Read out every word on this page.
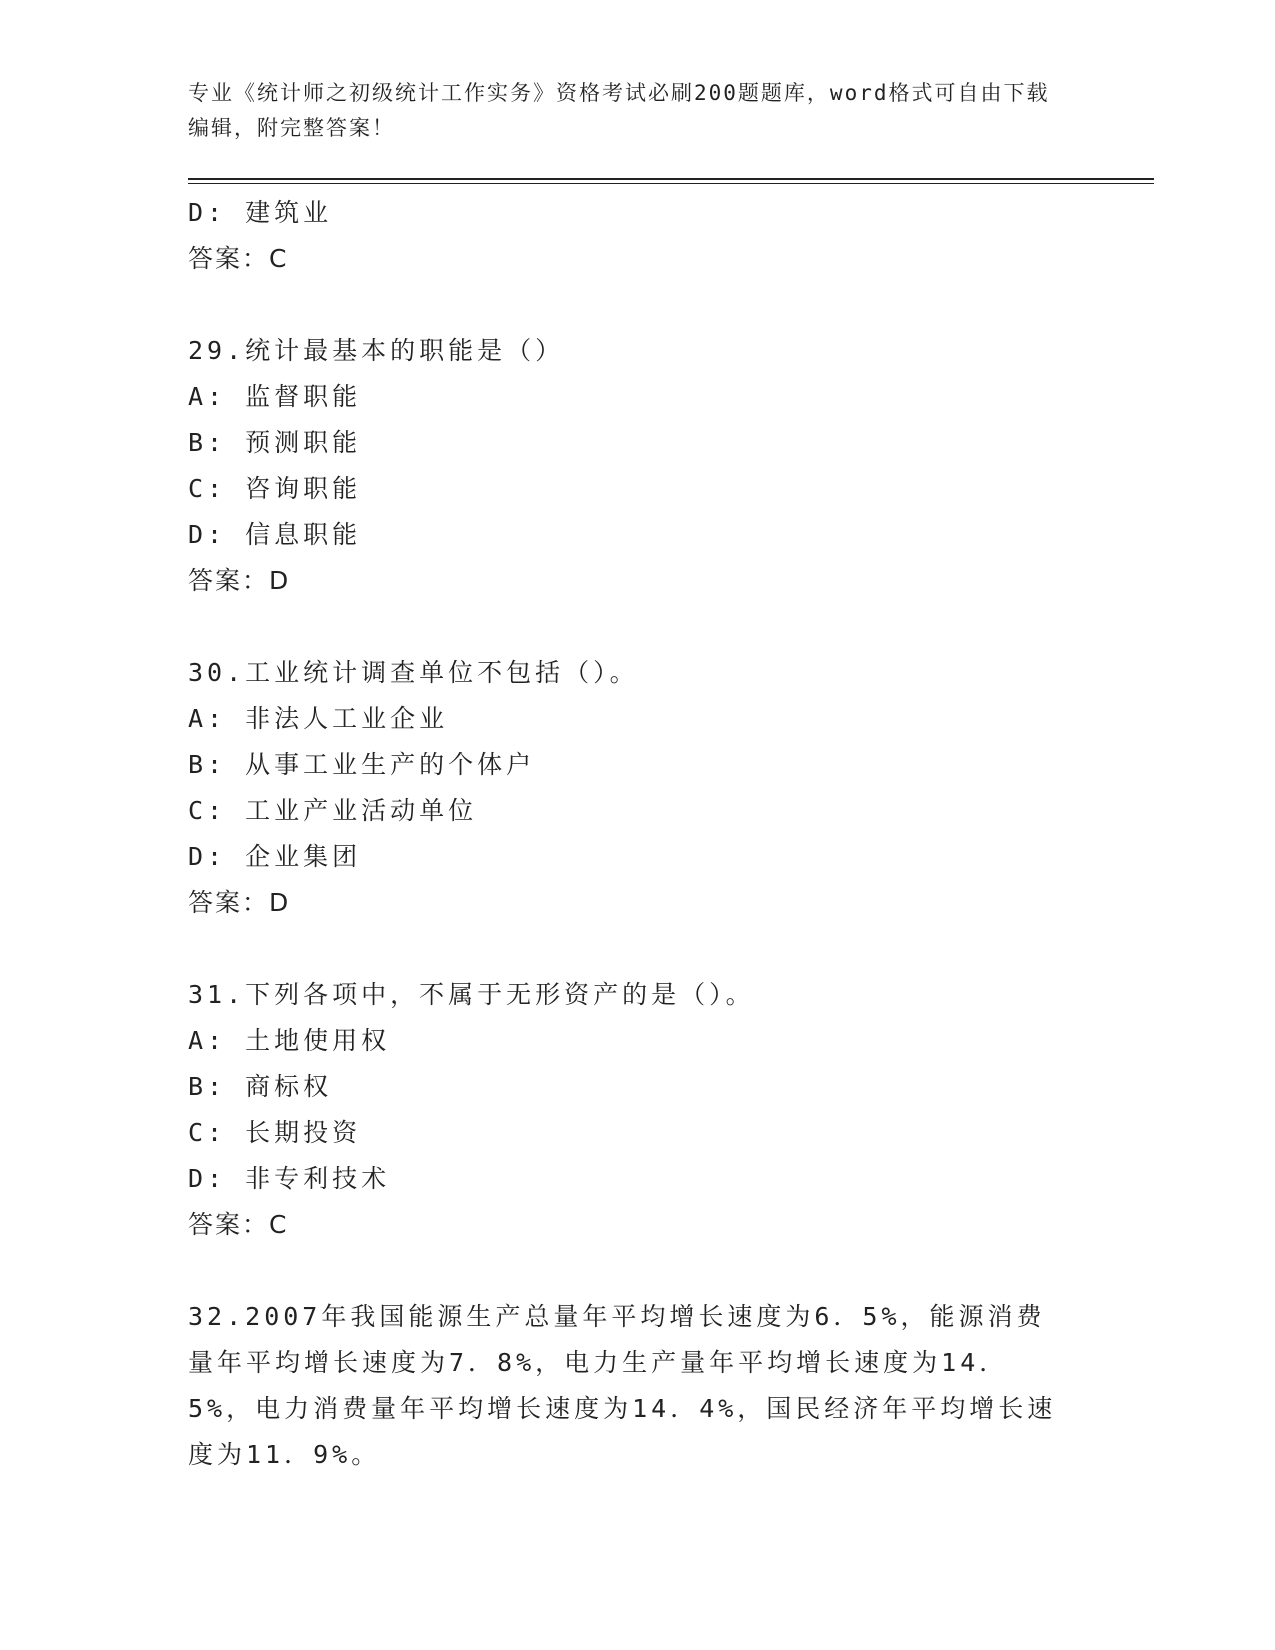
专业《统计师之初级统计工作实务》资格考试必刷200题题库，word格式可自由下载编辑，附完整答案！
D: 建筑业
答案：C
29.统计最基本的职能是（）
A: 监督职能
B: 预测职能
C: 咨询职能
D: 信息职能
答案：D
30.工业统计调查单位不包括（）。
A: 非法人工业企业
B: 从事工业生产的个体户
C: 工业产业活动单位
D: 企业集团
答案：D
31.下列各项中，不属于无形资产的是（）。
A: 土地使用权
B: 商标权
C: 长期投资
D: 非专利技术
答案：C
32.2007年我国能源生产总量年平均增长速度为6．5%，能源消费量年平均增长速度为7．8%，电力生产量年平均增长速度为14．5%，电力消费量年平均增长速度为14．4%，国民经济年平均增长速度为11．9%。
